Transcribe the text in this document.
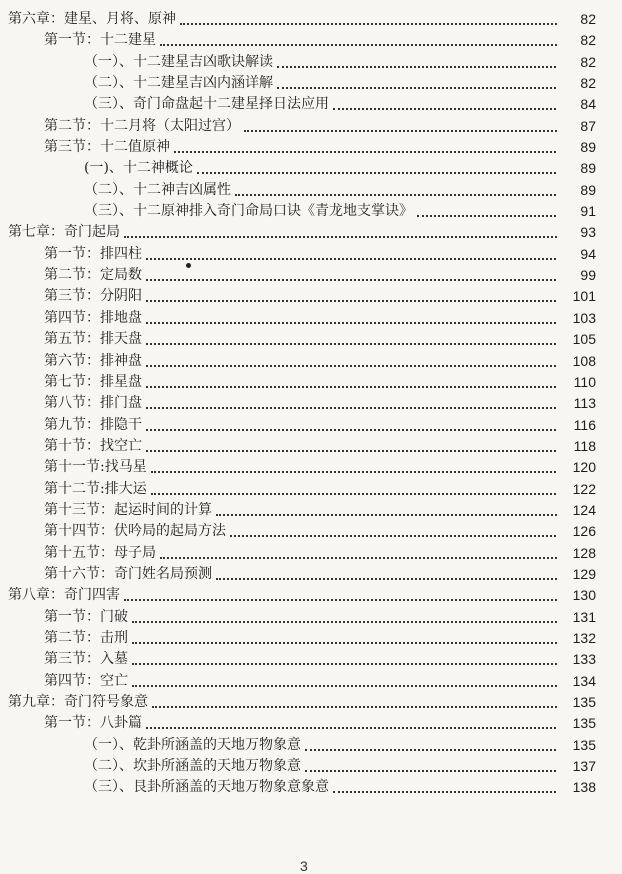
第六章：建星、月将、原神	82
第一节：十二建星	82
（一）、十二建星吉凶歌诀解读	82
（二）、十二建星吉凶内涵详解	82
（三）、奇门命盘起十二建星择日法应用	84
第二节：十二月将（太阳过宫）	87
第三节：十二值原神	89
(一)、十二神概论	89
（二）、十二神吉凶属性	89
（三）、十二原神排入奇门命局口诀《青龙地支掌诀》	91
第七章：奇门起局	93
第一节：排四柱	94
第二节：定局数	99
第三节：分阴阳	101
第四节：排地盘	103
第五节：排天盘	105
第六节：排神盘	108
第七节：排星盘	110
第八节：排门盘	113
第九节：排隐干	116
第十节：找空亡	118
第十一节:找马星	120
第十二节:排大运	122
第十三节：起运时间的计算	124
第十四节：伏吟局的起局方法	126
第十五节：母子局	128
第十六节：奇门姓名局预测	129
第八章：奇门四害	130
第一节：门破	131
第二节：击刑	132
第三节：入墓	133
第四节：空亡	134
第九章：奇门符号象意	135
第一节：八卦篇	135
（一）、乾卦所涵盖的天地万物象意	135
（二）、坎卦所涵盖的天地万物象意	137
（三）、艮卦所涵盖的天地万物象意象意	138
3
